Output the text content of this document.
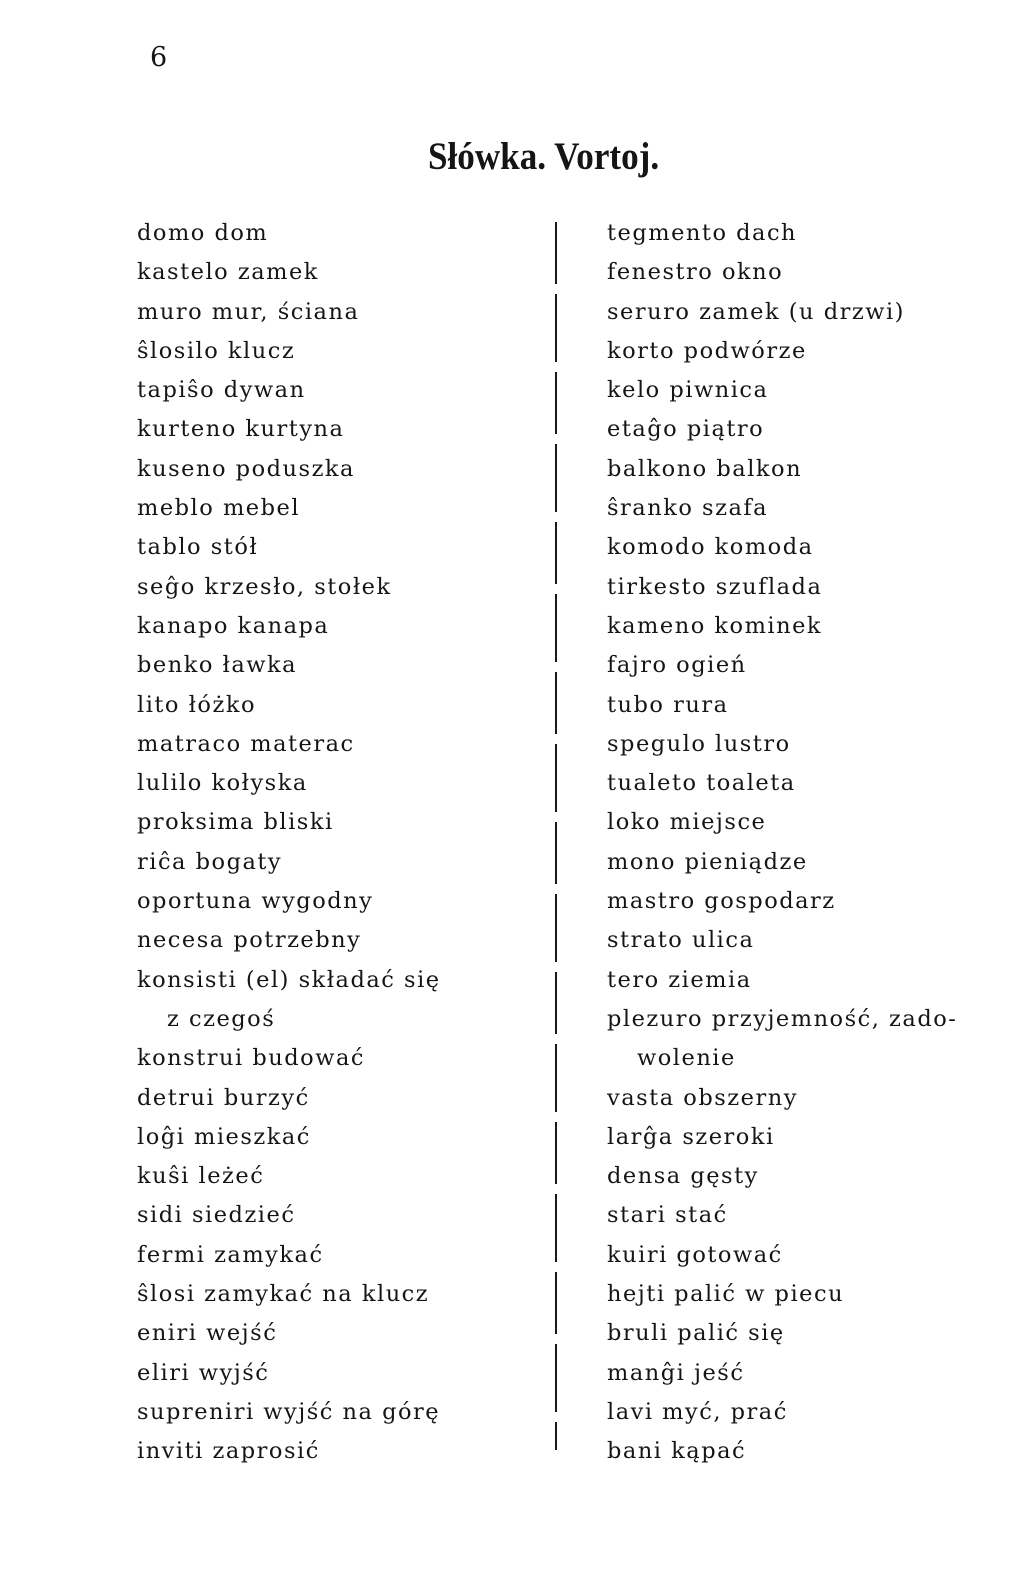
6
Słówka. Vortoj.
domo dom
kastelo zamek
muro mur, ściana
ŝlosilo klucz
tapiŝo dywan
kurteno kurtyna
kuseno poduszka
meblo mebel
tablo stół
seĝo krzesło, stołek
kanapo kanapa
benko ławka
lito łóżko
matraco materac
lulilo kołyska
proksima bliski
riĉa bogaty
oportuna wygodny
necesa potrzebny
konsisti (el) składać się
z czegoś
konstrui budować
detrui burzyć
loĝi mieszkać
kuŝi leżeć
sidi siedzieć
fermi zamykać
ŝlosi zamykać na klucz
eniri wejść
eliri wyjść
supreniri wyjść na górę
inviti zaprosić
tegmento dach
fenestro okno
seruro zamek (u drzwi)
korto podwórze
kelo piwnica
etaĝo piątro
balkono balkon
ŝranko szafa
komodo komoda
tirkesto szuflada
kameno kominek
fajro ogień
tubo rura
spegulo lustro
tualeto toaleta
loko miejsce
mono pieniądze
mastro gospodarz
strato ulica
tero ziemia
plezuro przyjemność, zado-
wolenie
vasta obszerny
larĝa szeroki
densa gęsty
stari stać
kuiri gotować
hejti palić w piecu
bruli palić się
manĝi jeść
lavi myć, prać
bani kąpać
